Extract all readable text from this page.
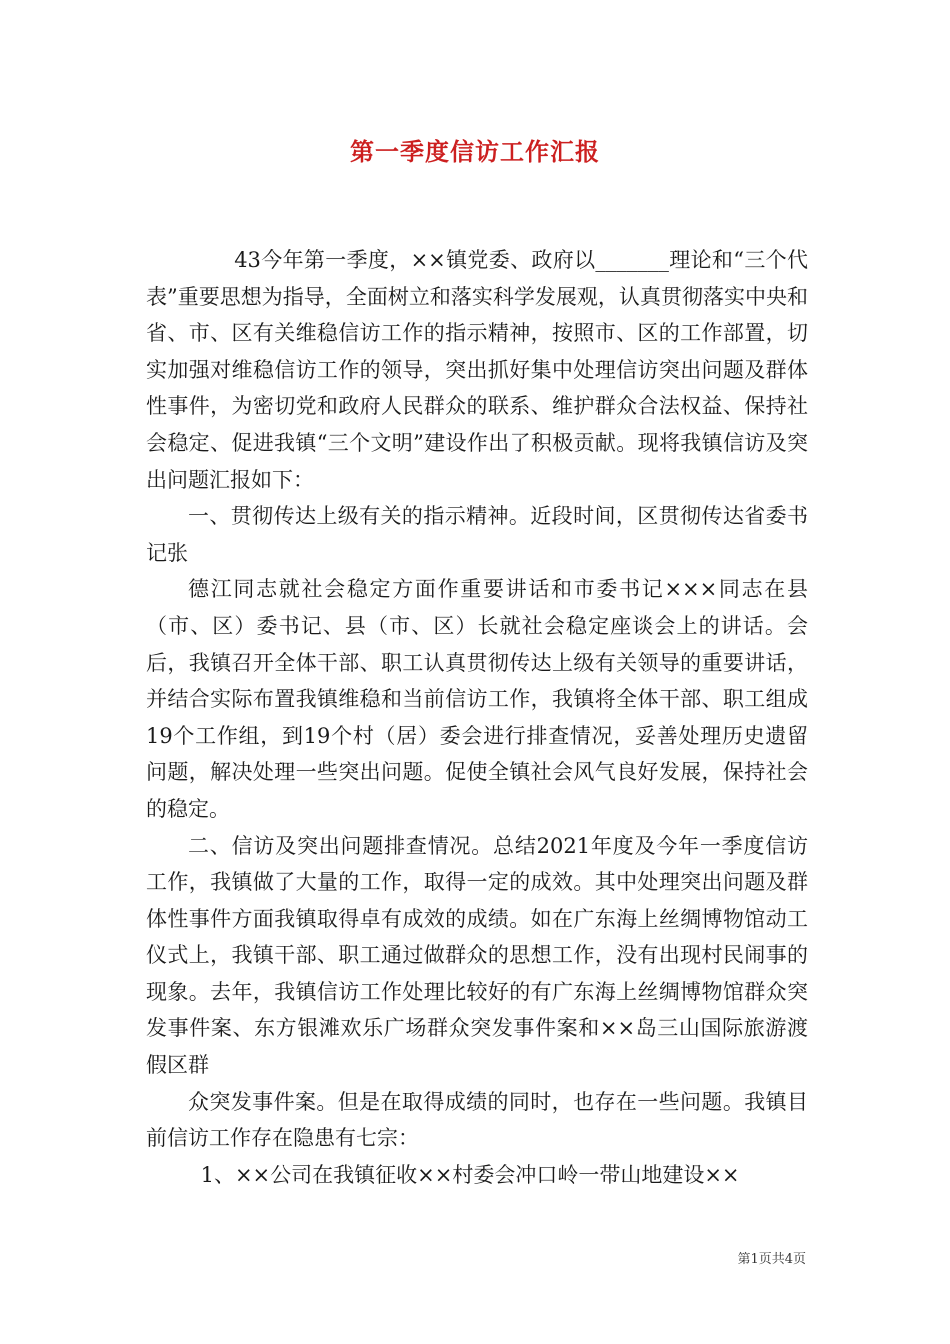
第一季度信访工作汇报

43今年第一季度，××镇党委、政府以_______理论和“三个代表”重要思想为指导，全面树立和落实科学发展观，认真贯彻落实中央和省、市、区有关维稳信访工作的指示精神，按照市、区的工作部置，切实加强对维稳信访工作的领导，突出抓好集中处理信访突出问题及群体性事件，为密切党和政府人民群众的联系、维护群众合法权益、保持社会稳定、促进我镇“三个文明”建设作出了积极贡献。现将我镇信访及突出问题汇报如下：

一、贯彻传达上级有关的指示精神。近段时间，区贯彻传达省委书记张

德江同志就社会稳定方面作重要讲话和市委书记×××同志在县（市、区）委书记、县（市、区）长就社会稳定座谈会上的讲话。会后，我镇召开全体干部、职工认真贯彻传达上级有关领导的重要讲话，并结合实际布置我镇维稳和当前信访工作，我镇将全体干部、职工组成19个工作组，到19个村（居）委会进行排查情况，妥善处理历史遗留问题，解决处理一些突出问题。促使全镇社会风气良好发展，保持社会的稳定。

二、信访及突出问题排查情况。总结2021年度及今年一季度信访工作，我镇做了大量的工作，取得一定的成效。其中处理突出问题及群体性事件方面我镇取得卓有成效的成绩。如在广东海上丝绸博物馆动工仪式上，我镇干部、职工通过做群众的思想工作，没有出现村民闹事的现象。去年，我镇信访工作处理比较好的有广东海上丝绸博物馆群众突发事件案、东方银滩欢乐广场群众突发事件案和××岛三山国际旅游渡假区群

众突发事件案。但是在取得成绩的同时，也存在一些问题。我镇目前信访工作存在隐患有七宗：

1、××公司在我镇征收××村委会冲口岭一带山地建设××

第1页共4页
